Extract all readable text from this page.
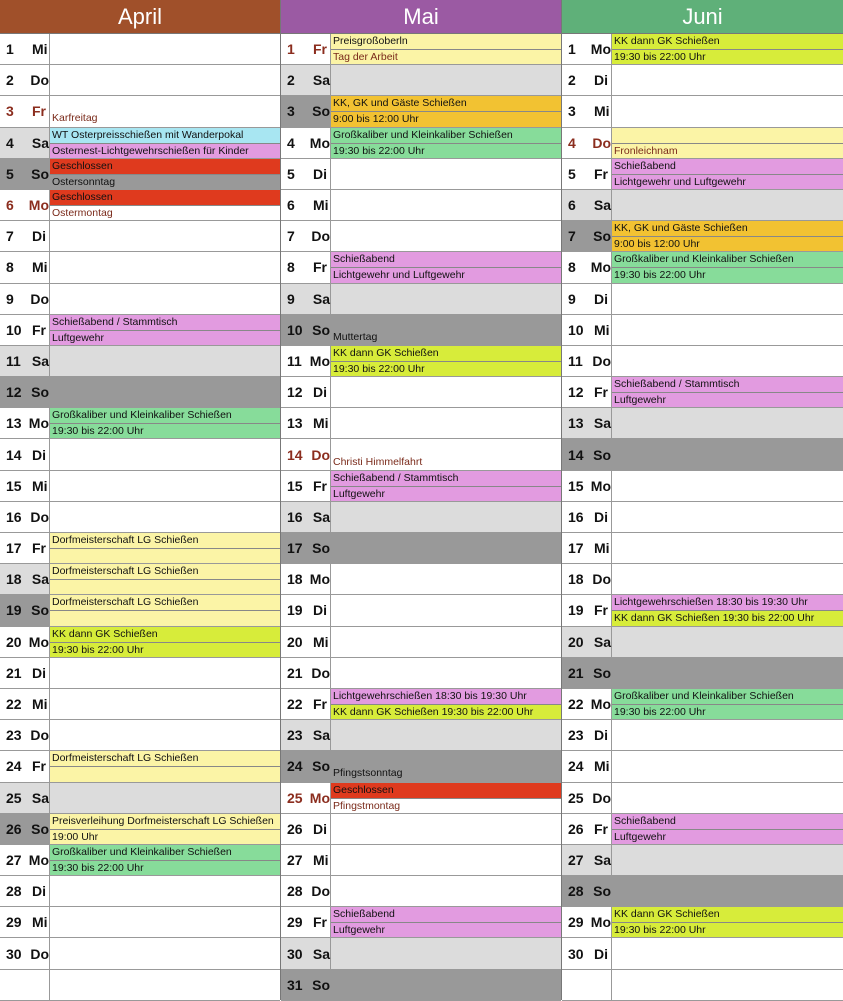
April
1	Mi
2	Do
3	Fr Karfreitag
4	Sa
WT Osterpreisschießen mit Wanderpokal
Osternest-Lichtgewehrschießen für Kinder
5	So
Geschlossen
Ostersonntag
6	Mo
Geschlossen
Ostermontag
7	Di
8	Mi
9	Do
10 Fr
Schießabend / Stammtisch
Luftgewehr
11 Sa
12 So
13 Mo
Großkaliber und Kleinkaliber Schießen
19:30 bis 22:00 Uhr
14 Di
15 Mi
16 Do
17 Fr
Dorfmeisterschaft LG Schießen
18 Sa
Dorfmeisterschaft LG Schießen
19 So
Dorfmeisterschaft LG Schießen
20 Mo
KK dann GK Schießen
19:30 bis 22:00 Uhr
21 Di
22 Mi
23 Do
24 Fr
Dorfmeisterschaft LG Schießen
25 Sa
26 So
Preisverleihung Dorfmeisterschaft LG Schießen
19:00 Uhr
27 Mo
Großkaliber und Kleinkaliber Schießen
19:30 bis 22:00 Uhr
28 Di
29 Mi
30 Do
Mai
1	Fr
Preisgroßoberln
Tag der Arbeit
2	Sa
3	So
KK, GK und Gäste Schießen
9:00 bis 12:00 Uhr
4	Mo
Großkaliber und Kleinkaliber Schießen
19:30 bis 22:00 Uhr
5	Di
6	Mi
7	Do
8	Fr
Schießabend
Lichtgewehr und Luftgewehr
9	Sa
10 So Muttertag
11 Mo
KK dann GK Schießen
19:30 bis 22:00 Uhr
12 Di
13 Mi
14 Do Christi Himmelfahrt
15 Fr
Schießabend / Stammtisch
Luftgewehr
16 Sa
17 So
18 Mo
19 Di
20 Mi
21 Do
22 Fr
Lichtgewehrschießen 18:30 bis 19:30 Uhr
KK dann GK Schießen 19:30 bis 22:00 Uhr
23 Sa
24 So Pfingstsonntag
25 Mo
Geschlossen
Pfingstmontag
26 Di
27 Mi
28 Do
29 Fr
Schießabend
Luftgewehr
30 Sa
31 So
Juni
1	Mo
KK dann GK Schießen
19:30 bis 22:00 Uhr
2	Di
3	Mi
4	Do Fronleichnam
5	Fr
Schießabend
Lichtgewehr und Luftgewehr
6	Sa
7	So
KK, GK und Gäste Schießen
9:00 bis 12:00 Uhr
8	Mo
Großkaliber und Kleinkaliber Schießen
19:30 bis 22:00 Uhr
9	Di
10 Mi
11 Do
12 Fr
Schießabend / Stammtisch
Luftgewehr
13 Sa
14 So
15 Mo
16 Di
17 Mi
18 Do
19 Fr
Lichtgewehrschießen 18:30 bis 19:30 Uhr
KK dann GK Schießen 19:30 bis 22:00 Uhr
20 Sa
21 So
22 Mo
Großkaliber und Kleinkaliber Schießen
19:30 bis 22:00 Uhr
23 Di
24 Mi
25 Do
26 Fr
Schießabend
Luftgewehr
27 Sa
28 So
29 Mo
KK dann GK Schießen
19:30 bis 22:00 Uhr
30 Di
